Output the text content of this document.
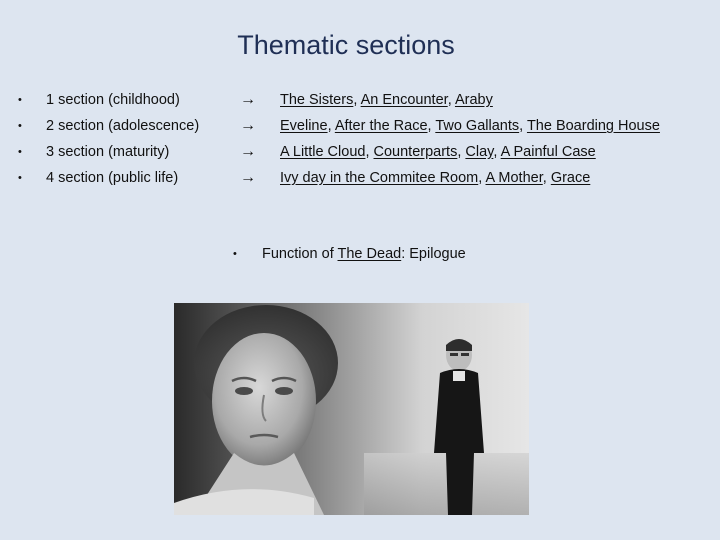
Thematic sections
• 1 section (childhood)	→ The Sisters, An Encounter, Araby
• 2 section (adolescence)	→ Eveline, After the Race, Two Gallants, The Boarding House
• 3 section (maturity)	→ A Little Cloud, Counterparts, Clay, A Painful Case
• 4 section (public life)	→ Ivy day in the Commitee Room, A Mother, Grace
• Function of The Dead: Epilogue
